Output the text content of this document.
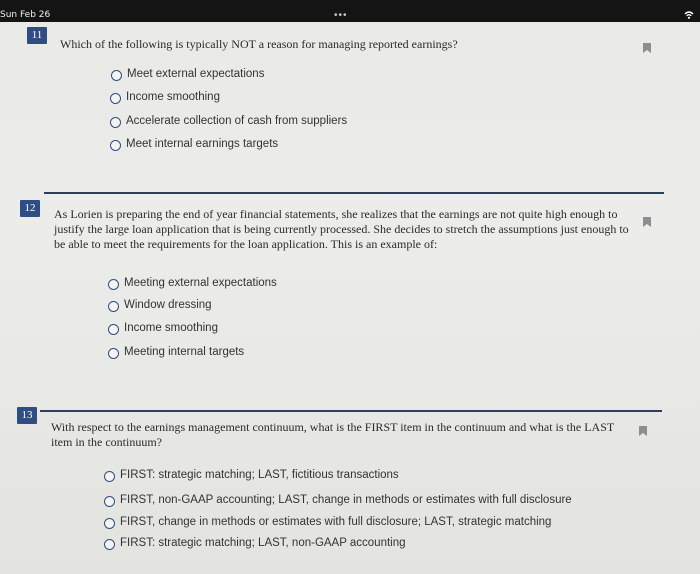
Sun Feb 26	•••
11
Which of the following is typically NOT a reason for managing reported earnings?
Meet external expectations
Income smoothing
Accelerate collection of cash from suppliers
Meet internal earnings targets
12	As Lorien is preparing the end of year financial statements, she realizes that the earnings are not quite high enough to justify the large loan application that is being currently processed. She decides to stretch the assumptions just enough to be able to meet the requirements for the loan application. This is an example of:
Meeting external expectations
Window dressing
Income smoothing
Meeting internal targets
13
With respect to the earnings management continuum, what is the FIRST item in the continuum and what is the LAST item in the continuum?
FIRST: strategic matching; LAST, fictitious transactions
FIRST, non-GAAP accounting; LAST, change in methods or estimates with full disclosure
FIRST, change in methods or estimates with full disclosure; LAST, strategic matching
FIRST: strategic matching; LAST, non-GAAP accounting
